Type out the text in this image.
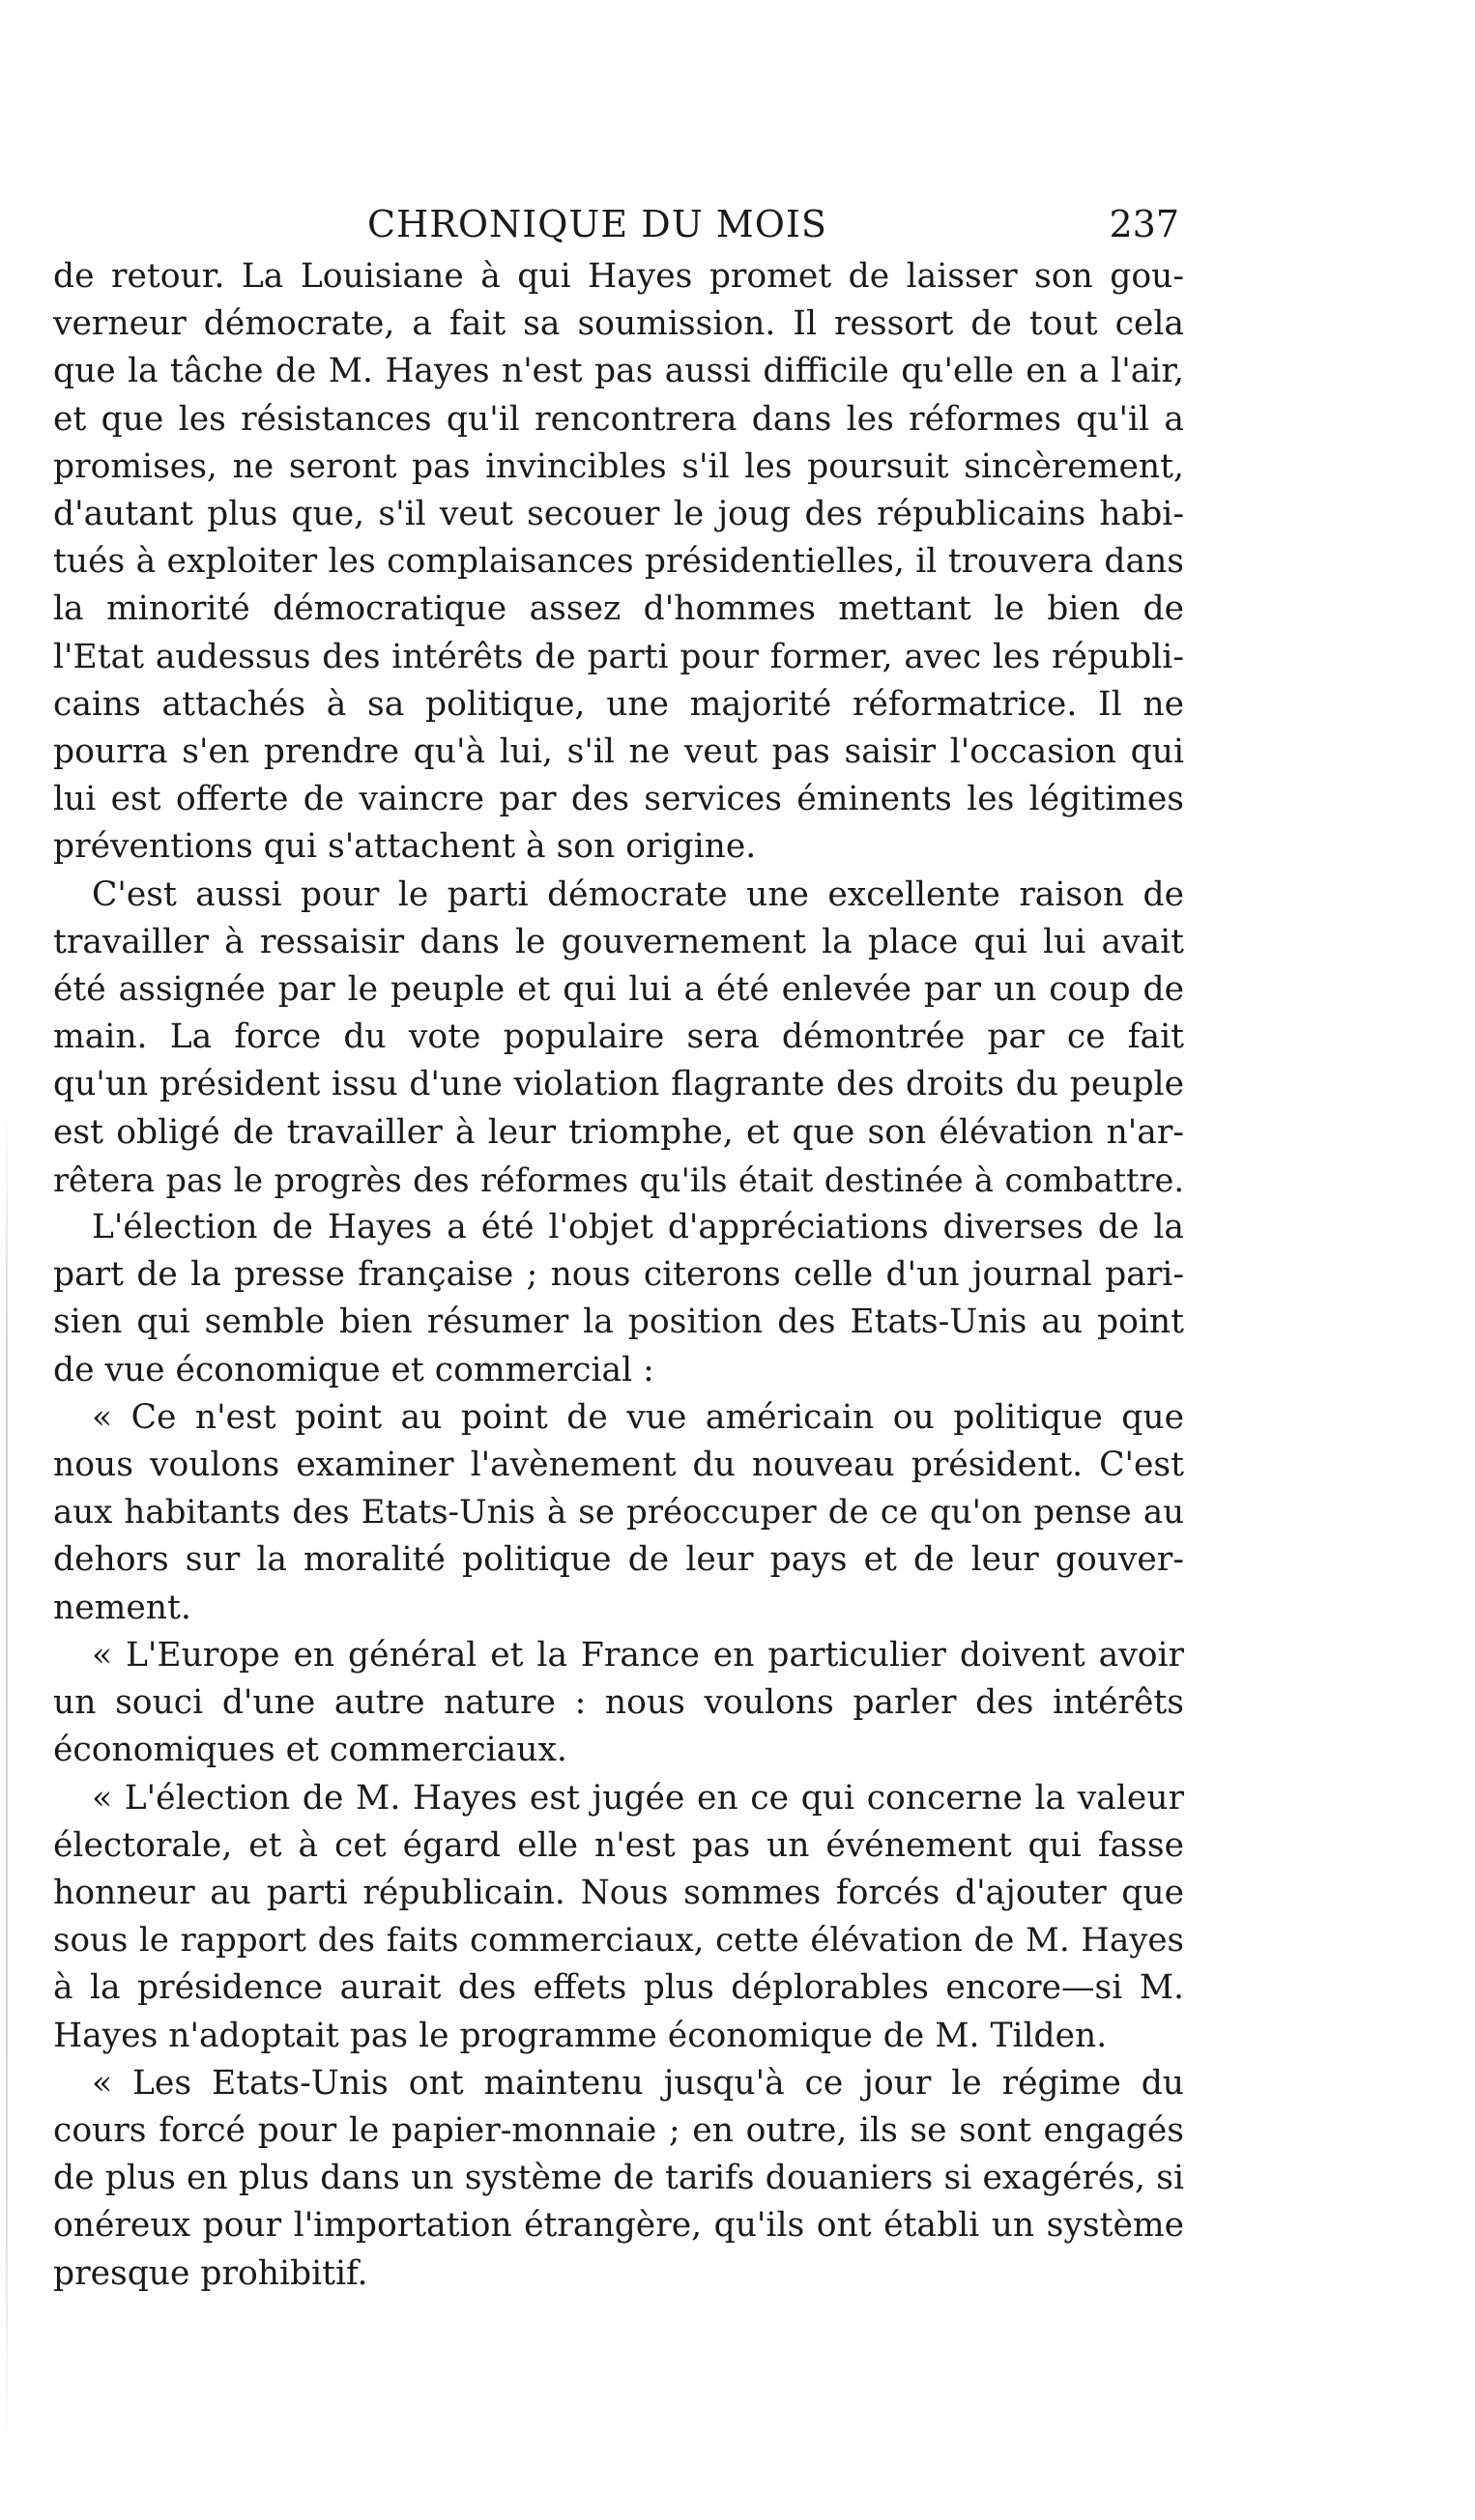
CHRONIQUE DU MOIS	237
de retour. La Louisiane à qui Hayes promet de laisser son gou-
verneur démocrate, a fait sa soumission. Il ressort de tout cela
que la tâche de M. Hayes n'est pas aussi difficile qu'elle en a l'air,
et que les résistances qu'il rencontrera dans les réformes qu'il a
promises, ne seront pas invincibles s'il les poursuit sincèrement,
d'autant plus que, s'il veut secouer le joug des républicains habi-
tués à exploiter les complaisances présidentielles, il trouvera dans
la minorité démocratique assez d'hommes mettant le bien de
l'Etat audessus des intérêts de parti pour former, avec les républi-
cains attachés à sa politique, une majorité réformatrice. Il ne
pourra s'en prendre qu'à lui, s'il ne veut pas saisir l'occasion qui
lui est offerte de vaincre par des services éminents les légitimes
préventions qui s'attachent à son origine.
C'est aussi pour le parti démocrate une excellente raison de
travailler à ressaisir dans le gouvernement la place qui lui avait
été assignée par le peuple et qui lui a été enlevée par un coup de
main. La force du vote populaire sera démontrée par ce fait
qu'un président issu d'une violation flagrante des droits du peuple
est obligé de travailler à leur triomphe, et que son élévation n'ar-
rêtera pas le progrès des réformes qu'ils était destinée à combattre.
L'élection de Hayes a été l'objet d'appréciations diverses de la
part de la presse française ; nous citerons celle d'un journal pari-
sien qui semble bien résumer la position des Etats-Unis au point
de vue économique et commercial :
« Ce n'est point au point de vue américain ou politique que
nous voulons examiner l'avènement du nouveau président. C'est
aux habitants des Etats-Unis à se préoccuper de ce qu'on pense au
dehors sur la moralité politique de leur pays et de leur gouver-
nement.
« L'Europe en général et la France en particulier doivent avoir
un souci d'une autre nature : nous voulons parler des intérêts
économiques et commerciaux.
« L'élection de M. Hayes est jugée en ce qui concerne la valeur
électorale, et à cet égard elle n'est pas un événement qui fasse
honneur au parti républicain. Nous sommes forcés d'ajouter que
sous le rapport des faits commerciaux, cette élévation de M. Hayes
à la présidence aurait des effets plus déplorables encore—si M.
Hayes n'adoptait pas le programme économique de M. Tilden.
« Les Etats-Unis ont maintenu jusqu'à ce jour le régime du
cours forcé pour le papier-monnaie ; en outre, ils se sont engagés
de plus en plus dans un système de tarifs douaniers si exagérés, si
onéreux pour l'importation étrangère, qu'ils ont établi un système
presque prohibitif.
